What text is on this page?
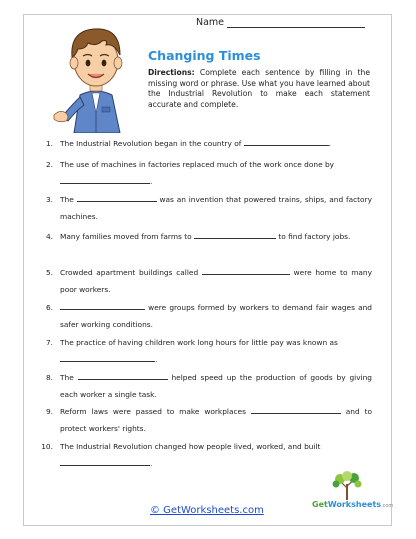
Name
Changing Times
Directions: Complete each sentence by filling in the missing word or phrase. Use what you have learned about the Industrial Revolution to make each statement accurate and complete.
1. The Industrial Revolution began in the country of	.
2. The use of machines in factories replaced much of the work once done by
.
3. The	was an invention that powered trains, ships, and factory machines.
4. Many families moved from farms to	to find factory jobs.
5. Crowded apartment buildings called	were home to many poor workers.
6.	were groups formed by workers to demand fair wages and safer working conditions.
7. The practice of having children work long hours for little pay was known as
.
8. The	helped speed up the production of goods by giving each worker a single task.
9. Reform laws were passed to make workplaces	and to protect workers' rights.
10. The Industrial Revolution changed how people lived, worked, and built
.
© GetWorksheets.com
GetWorksheets.com
